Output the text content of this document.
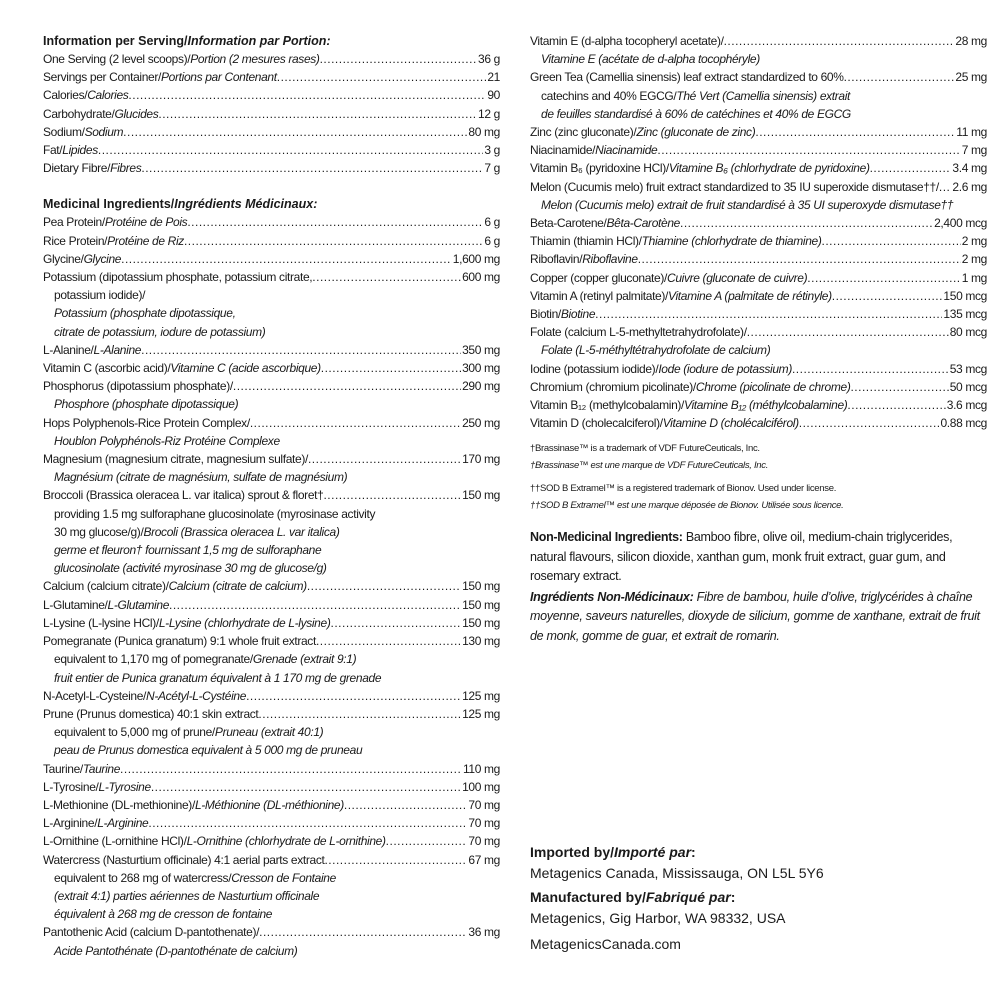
Information per Serving/Information par Portion:
One Serving (2 level scoops)/Portion (2 mesures rases) .....	36 g
Servings per Container/Portions par Contenant .....	21
Calories/Calories .....	90
Carbohydrate/Glucides .....	12 g
Sodium/Sodium .....	80 mg
Fat/Lipides .....	3 g
Dietary Fibre/Fibres .....	7 g
Medicinal Ingredients/Ingrédients Médicinaux:
Pea Protein/Protéine de Pois .....	6 g
Rice Protein/Protéine de Riz .....	6 g
Glycine/Glycine .....	1,600 mg
Potassium (dipotassium phosphate, potassium citrate, .....	600 mg
potassium iodide)/
Potassium (phosphate dipotassique,
citrate de potassium, iodure de potassium)
L-Alanine/L-Alanine .....	350 mg
Vitamin C (ascorbic acid)/Vitamine C (acide ascorbique) .....	300 mg
Phosphorus (dipotassium phosphate)/ .....	290 mg
Phosphore (phosphate dipotassique)
Hops Polyphenols-Rice Protein Complex/ .....	250 mg
Houblon Polyphénols-Riz Protéine Complexe
Magnesium (magnesium citrate, magnesium sulfate)/ .....	170 mg
Magnésium (citrate de magnésium, sulfate de magnésium)
Broccoli (Brassica oleracea L. var italica) sprout & floret† .....	150 mg
providing 1.5 mg sulforaphane glucosinolate (myrosinase activity
30 mg glucose/g)/Brocoli (Brassica oleracea L. var italica)
germe et fleuron† fournissant 1,5 mg de sulforaphane
glucosinolate (activité myrosinase 30 mg de glucose/g)
Calcium (calcium citrate)/Calcium (citrate de calcium) .....	150 mg
L-Glutamine/L-Glutamine .....	150 mg
L-Lysine (L-lysine HCl)/L-Lysine (chlorhydrate de L-lysine) .....	150 mg
Pomegranate (Punica granatum) 9:1 whole fruit extract .....	130 mg
equivalent to 1,170 mg of pomegranate/Grenade (extrait 9:1)
fruit entier de Punica granatum équivalent à 1 170 mg de grenade
N-Acetyl-L-Cysteine/N-Acétyl-L-Cystéine .....	125 mg
Prune (Prunus domestica) 40:1 skin extract .....	125 mg
equivalent to 5,000 mg of prune/Pruneau (extrait 40:1)
peau de Prunus domestica equivalent à 5 000 mg de pruneau
Taurine/Taurine .....	110 mg
L-Tyrosine/L-Tyrosine .....	100 mg
L-Methionine (DL-methionine)/L-Méthionine (DL-méthionine) .....	70 mg
L-Arginine/L-Arginine .....	70 mg
L-Ornithine (L-ornithine HCl)/L-Ornithine (chlorhydrate de L-ornithine) .....	70 mg
Watercress (Nasturtium officinale) 4:1 aerial parts extract .....	67 mg
equivalent to 268 mg of watercress/Cresson de Fontaine
(extrait 4:1) parties aériennes de Nasturtium officinale
équivalent à 268 mg de cresson de fontaine
Pantothenic Acid (calcium D-pantothenate)/ .....	36 mg
Acide Pantothénate (D-pantothénate de calcium)
Vitamin E (d-alpha tocopheryl acetate)/ .....	28 mg
Vitamine E (acétate de d-alpha tocophéryle)
Green Tea (Camellia sinensis) leaf extract standardized to 60% .....	25 mg
catechins and 40% EGCG/Thé Vert (Camellia sinensis) extrait
de feuilles standardisé à 60% de catéchines et 40% de EGCG
Zinc (zinc gluconate)/Zinc (gluconate de zinc) .....	11 mg
Niacinamide/Niacinamide .....	7 mg
Vitamin B₆ (pyridoxine HCl)/Vitamine B₆ (chlorhydrate de pyridoxine) .....	3.4 mg
Melon (Cucumis melo) fruit extract standardized to 35 IU superoxide dismutase††/ ..... 2.6 mg
Melon (Cucumis melo) extrait de fruit standardisé à 35 UI superoxyde dismutase††
Beta-Carotene/Bêta-Carotène .....	2,400 mcg
Thiamin (thiamin HCl)/Thiamine (chlorhydrate de thiamine) .....	2 mg
Riboflavin/Riboflavine .....	2 mg
Copper (copper gluconate)/Cuivre (gluconate de cuivre) .....	1 mg
Vitamin A (retinyl palmitate)/Vitamine A (palmitate de rétinyle) .....	150 mcg
Biotin/Biotine .....	135 mcg
Folate (calcium L-5-methyltetrahydrofolate)/ .....	80 mcg
Folate (L-5-méthyltétrahydrofolate de calcium)
Iodine (potassium iodide)/Iode (iodure de potassium) .....	53 mcg
Chromium (chromium picolinate)/Chrome (picolinate de chrome) .....	50 mcg
Vitamin B₁₂ (methylcobalamin)/Vitamine B₁₂ (méthylcobalamine) .....	3.6 mcg
Vitamin D (cholecalciferol)/Vitamine D (cholécalciférol) .....	0.88 mcg
†Brassinase™ is a trademark of VDF FutureCeuticals, Inc.
†Brassinase™ est une marque de VDF FutureCeuticals, Inc.
††SOD B Extramel™ is a registered trademark of Bionov. Used under license.
††SOD B Extramel™ est une marque déposée de Bionov. Utilisée sous licence.
Non-Medicinal Ingredients: Bamboo fibre, olive oil, medium-chain triglycerides, natural flavours, silicon dioxide, xanthan gum, monk fruit extract, guar gum, and rosemary extract.
Ingrédients Non-Médicinaux: Fibre de bambou, huile d’olive, triglycérides à chaîne moyenne, saveurs naturelles, dioxyde de silicium, gomme de xanthane, extrait de fruit de monk, gomme de guar, et extrait de romarin.
Imported by/Importé par:
Metagenics Canada, Mississauga, ON L5L 5Y6
Manufactured by/Fabriqué par:
Metagenics, Gig Harbor, WA 98332, USA
MetagenicsCanada.com
